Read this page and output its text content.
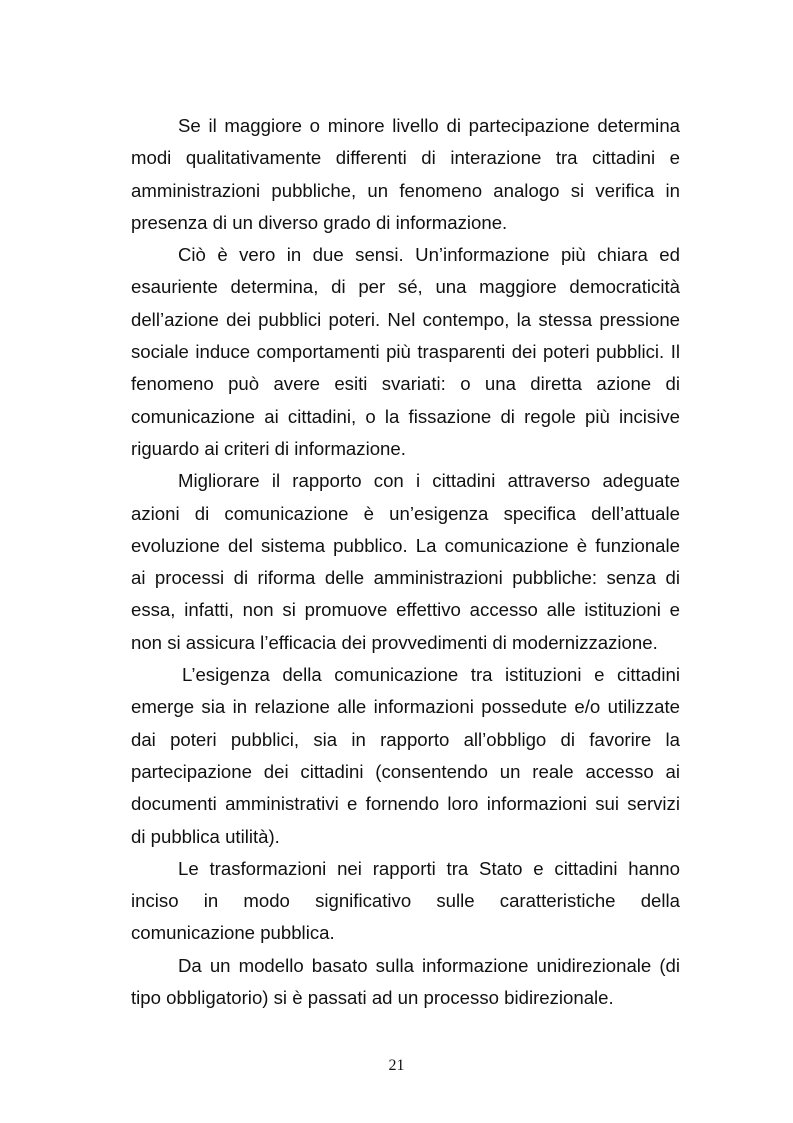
Se il maggiore o minore livello di partecipazione determina
modi qualitativamente differenti di interazione tra cittadini e
amministrazioni pubbliche, un fenomeno analogo si verifica in
presenza di un diverso grado di informazione.

Ciò è vero in due sensi. Un’informazione più chiara ed
esauriente determina, di per sé, una maggiore democraticità
dell’azione dei pubblici poteri. Nel contempo, la stessa pressione
sociale induce comportamenti più trasparenti dei poteri pubblici. Il
fenomeno può avere esiti svariati: o una diretta azione di
comunicazione ai cittadini, o la fissazione di regole più incisive
riguardo ai criteri di informazione.

Migliorare il rapporto con i cittadini attraverso adeguate
azioni di comunicazione è un’esigenza specifica dell’attuale
evoluzione del sistema pubblico. La comunicazione è funzionale
ai processi di riforma delle amministrazioni pubbliche: senza di
essa, infatti, non si promuove effettivo accesso alle istituzioni e
non si assicura l’efficacia dei provvedimenti di modernizzazione.

L’esigenza della comunicazione tra istituzioni e cittadini
emerge sia in relazione alle informazioni possedute e/o utilizzate
dai poteri pubblici, sia in rapporto all’obbligo di favorire la
partecipazione dei cittadini (consentendo un reale accesso ai
documenti amministrativi e fornendo loro informazioni sui servizi
di pubblica utilità).

Le trasformazioni nei rapporti tra Stato e cittadini hanno
inciso in modo significativo sulle caratteristiche della
comunicazione pubblica.

Da un modello basato sulla informazione unidirezionale (di
tipo obbligatorio) si è passati ad un processo bidirezionale.

21
